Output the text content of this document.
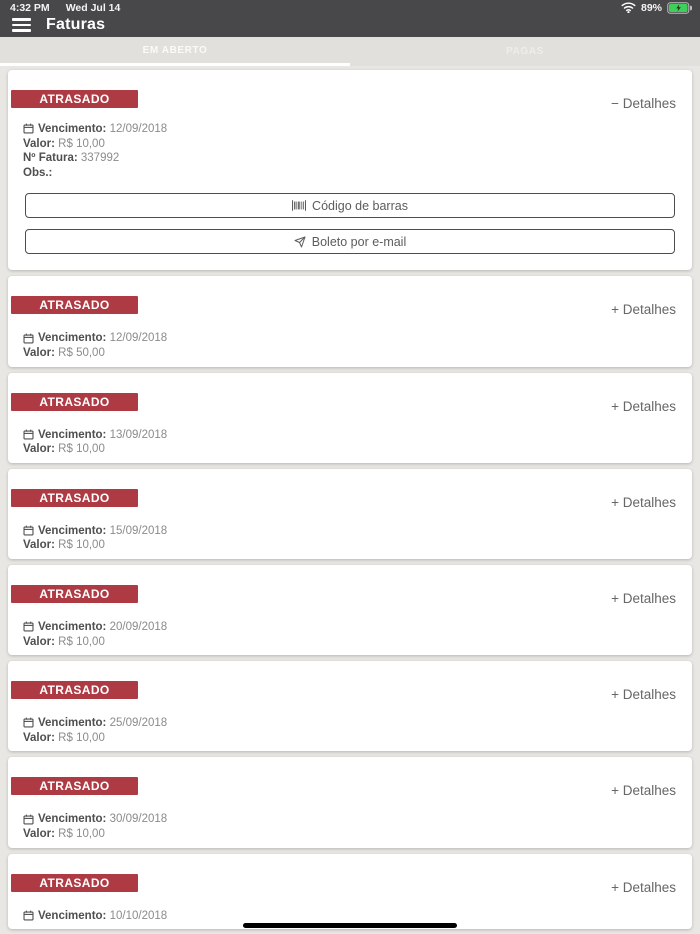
4:32 PM Wed Jul 14	89%
Faturas
EM ABERTO	PAGAS
ATRASADO	− Detalhes
Vencimento:
12/09/2018
Valor:
R$ 10,00
Nº Fatura:
337992
Obs.:
Código de barras
Boleto por e-mail
ATRASADO	+ Detalhes
Vencimento:
12/09/2018
Valor:
R$ 50,00
ATRASADO	+ Detalhes
Vencimento:
13/09/2018
Valor:
R$ 10,00
ATRASADO	+ Detalhes
Vencimento:
15/09/2018
Valor:
R$ 10,00
ATRASADO	+ Detalhes
Vencimento:
20/09/2018
Valor:
R$ 10,00
ATRASADO	+ Detalhes
Vencimento:
25/09/2018
Valor:
R$ 10,00
ATRASADO	+ Detalhes
Vencimento:
30/09/2018
Valor:
R$ 10,00
ATRASADO	+ Detalhes
Vencimento:
10/10/2018
